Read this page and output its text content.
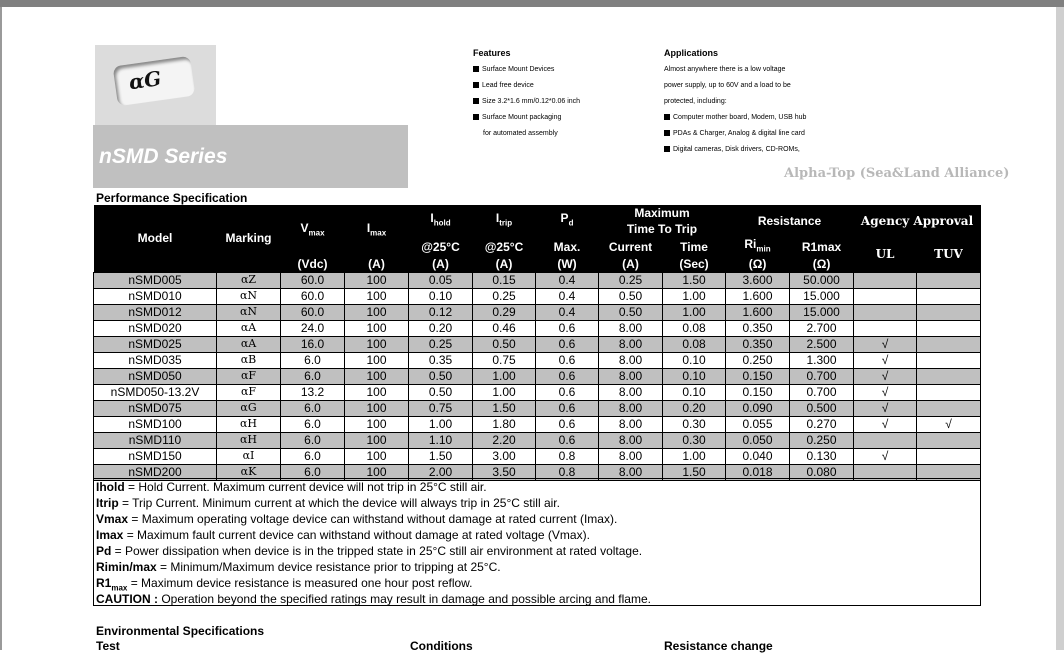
αG
nSMD Series
Features
Surface Mount Devices
Lead free device
Size 3.2*1.6 mm/0.12*0.06 inch
Surface Mount packaging
for automated assembly
Applications
Almost anywhere there is a low voltage
power supply, up to 60V and a load to be
protected, including:
Computer mother board, Modem, USB hub
PDAs & Charger, Analog & digital line card
Digital cameras, Disk drivers, CD-ROMs,
Alpha-Top (Sea&Land Alliance)
Performance Specification
Model	Marking	$V_{max}$	$I_{max}$	$I_{hold}$	$I_{trip}$	$P_d$	Maximum		Resistance		Agency Approval	
							Time To Trip					
				@25°C	@25°C	Max.	Current	Time	$Ri_{min}$	R1max	UL	TUV
		(Vdc)	(A)	(A)	(A)	(W)	(A)	(Sec)	(Ω)	(Ω)		
nSMD005	αZ	60.0	100	0.05	0.15	0.4	0.25	1.50	3.600	50.000		
nSMD010	αN	60.0	100	0.10	0.25	0.4	0.50	1.00	1.600	15.000		
nSMD012	αN	60.0	100	0.12	0.29	0.4	0.50	1.00	1.600	15.000		
nSMD020	αA	24.0	100	0.20	0.46	0.6	8.00	0.08	0.350	2.700		
nSMD025	αA	16.0	100	0.25	0.50	0.6	8.00	0.08	0.350	2.500	√	
nSMD035	αB	6.0	100	0.35	0.75	0.6	8.00	0.10	0.250	1.300	√	
nSMD050	αF	6.0	100	0.50	1.00	0.6	8.00	0.10	0.150	0.700	√	
nSMD050-13.2V	αF	13.2	100	0.50	1.00	0.6	8.00	0.10	0.150	0.700	√	
nSMD075	αG	6.0	100	0.75	1.50	0.6	8.00	0.20	0.090	0.500	√	
nSMD100	αH	6.0	100	1.00	1.80	0.6	8.00	0.30	0.055	0.270	√	√
nSMD110	αH	6.0	100	1.10	2.20	0.6	8.00	0.30	0.050	0.250		
nSMD150	αI	6.0	100	1.50	3.00	0.8	8.00	1.00	0.040	0.130	√	
nSMD200	αK	6.0	100	2.00	3.50	0.8	8.00	1.50	0.018	0.080		
Ihold = Hold Current. Maximum current device will not trip in 25°C still air.
Itrip = Trip Current. Minimum current at which the device will always trip in 25°C still air.
Vmax = Maximum operating voltage device can withstand without damage at rated current (Imax).
Imax = Maximum fault current device can withstand without damage at rated voltage (Vmax).
Pd = Power dissipation when device is in the tripped state in 25°C still air environment at rated voltage.
Rimin/max = Minimum/Maximum device resistance prior to tripping at 25°C.
$R1_{max}$ = Maximum device resistance is measured one hour post reflow.
CAUTION : Operation beyond the specified ratings may result in damage and possible arcing and flame.
Environmental Specifications
Test	Conditions	Resistance change
